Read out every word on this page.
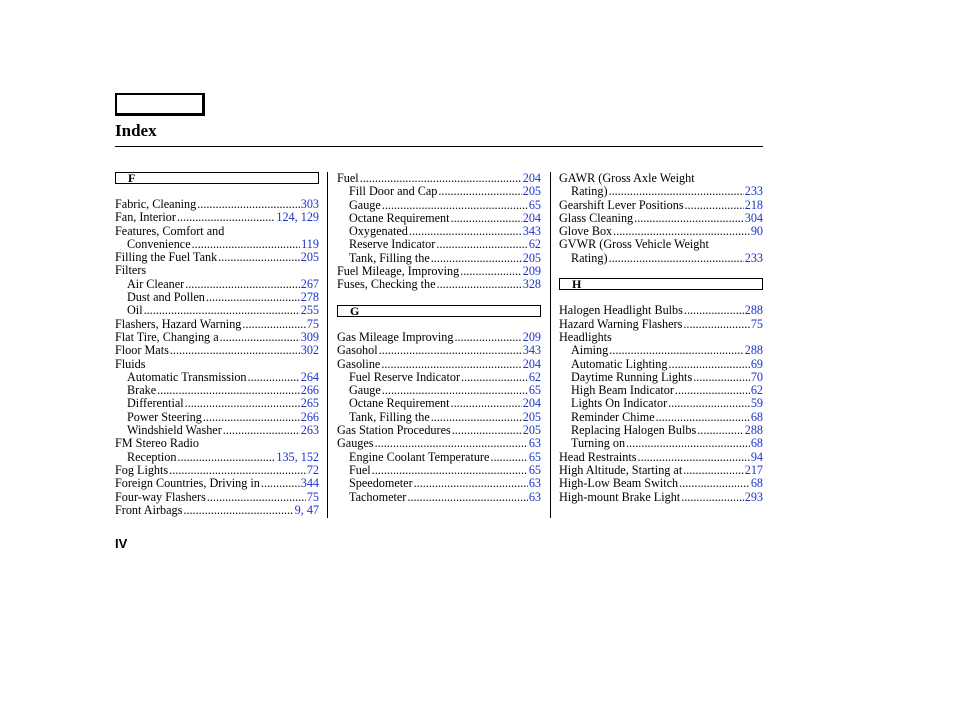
Index
F
Fabric, Cleaning .....	303
Fan, Interior .....	124, 129
Features, Comfort and
Convenience .....	119
Filling the Fuel Tank .....	205
Filters
Air Cleaner .....	267
Dust and Pollen .....	278
Oil .....	255
Flashers, Hazard Warning .....	75
Flat Tire, Changing a .....	309
Floor Mats .....	302
Fluids
Automatic Transmission .....	264
Brake .....	266
Differential .....	265
Power Steering .....	266
Windshield Washer .....	263
FM Stereo Radio
Reception .....	135, 152
Fog Lights .....	72
Foreign Countries, Driving in .....	344
Four-way Flashers .....	75
Front Airbags .....	9, 47
Fuel .....	204
Fill Door and Cap .....	205
Gauge .....	65
Octane Requirement .....	204
Oxygenated .....	343
Reserve Indicator .....	62
Tank, Filling the .....	205
Fuel Mileage, Improving .....	209
Fuses, Checking the .....	328
G
Gas Mileage Improving .....	209
Gasohol .....	343
Gasoline .....	204
Fuel Reserve Indicator .....	62
Gauge .....	65
Octane Requirement .....	204
Tank, Filling the .....	205
Gas Station Procedures .....	205
Gauges .....	63
Engine Coolant Temperature .....	65
Fuel .....	65
Speedometer .....	63
Tachometer .....	63
GAWR (Gross Axle Weight
Rating) .....	233
Gearshift Lever Positions .....	218
Glass Cleaning .....	304
Glove Box .....	90
GVWR (Gross Vehicle Weight
Rating) .....	233
H
Halogen Headlight Bulbs .....	288
Hazard Warning Flashers .....	75
Headlights
Aiming .....	288
Automatic Lighting .....	69
Daytime Running Lights .....	70
High Beam Indicator .....	62
Lights On Indicator .....	59
Reminder Chime .....	68
Replacing Halogen Bulbs .....	288
Turning on .....	68
Head Restraints .....	94
High Altitude, Starting at .....	217
High-Low Beam Switch .....	68
High-mount Brake Light .....	293
IV
